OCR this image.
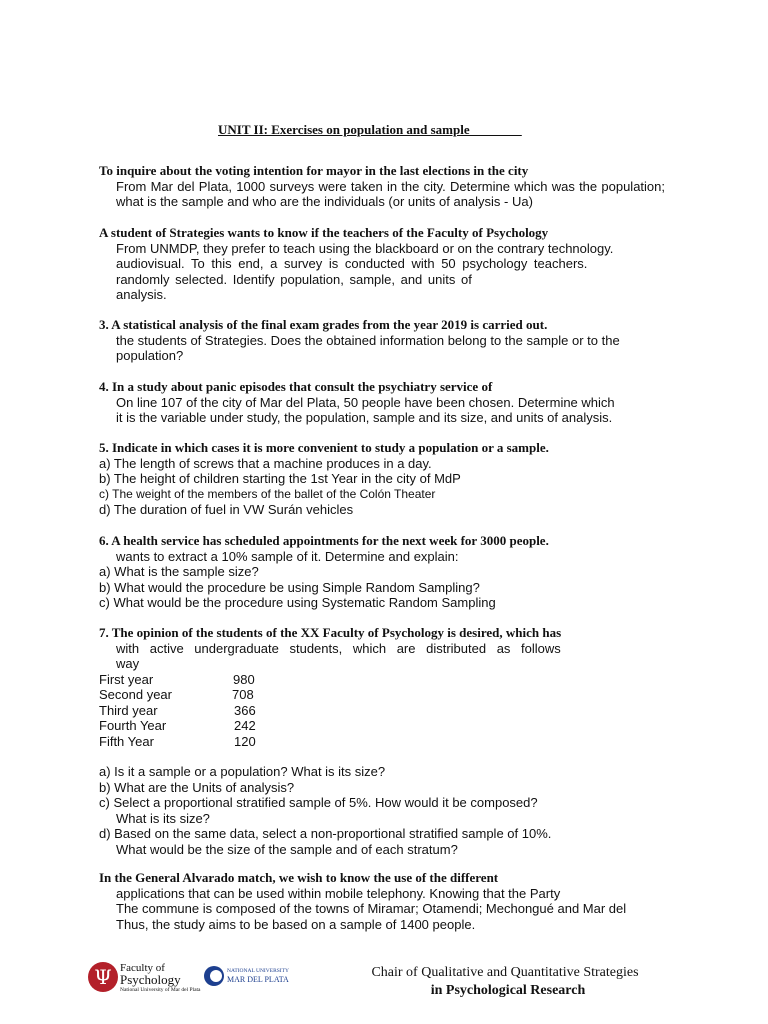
UNIT II: Exercises on population and sample________
To inquire about the voting intention for mayor in the last elections in the city
From Mar del Plata, 1000 surveys were taken in the city. Determine which was the population; what is the sample and who are the individuals (or units of analysis - Ua)
A student of Strategies wants to know if the teachers of the Faculty of Psychology
From UNMDP, they prefer to teach using the blackboard or on the contrary technology.
audiovisual. To this end, a survey is conducted with 50 psychology teachers.
randomly selected. Identify population, sample, and units of
analysis.
3. A statistical analysis of the final exam grades from the year 2019 is carried out.
the students of Strategies. Does the obtained information belong to the sample or to the population?
4. In a study about panic episodes that consult the psychiatry service of
On line 107 of the city of Mar del Plata, 50 people have been chosen. Determine which
it is the variable under study, the population, sample and its size, and units of analysis.
5. Indicate in which cases it is more convenient to study a population or a sample.
a) The length of screws that a machine produces in a day.
b) The height of children starting the 1st Year in the city of MdP
c) The weight of the members of the ballet of the Colón Theater
d) The duration of fuel in VW Surán vehicles
6. A health service has scheduled appointments for the next week for 3000 people.
wants to extract a 10% sample of it. Determine and explain:
a) What is the sample size?
b) What would the procedure be using Simple Random Sampling?
c) What would be the procedure using Systematic Random Sampling
7. The opinion of the students of the XX Faculty of Psychology is desired, which has
with active undergraduate students, which are distributed as follows
way
First year	980
Second year	708
Third year	366
Fourth Year	242
Fifth Year	120
a) Is it a sample or a population? What is its size?
b) What are the Units of analysis?
c) Select a proportional stratified sample of 5%. How would it be composed?
What is its size?
d) Based on the same data, select a non-proportional stratified sample of 10%.
What would be the size of the sample and of each stratum?
In the General Alvarado match, we wish to know the use of the different
applications that can be used within mobile telephony. Knowing that the Party
The commune is composed of the towns of Miramar; Otamendi; Mechongué and Mar del
Thus, the study aims to be based on a sample of 1400 people.
Ψ Faculty of
Psychology
National University of Mar del Plata
NATIONAL UNIVERSITY
MAR DEL PLATA	Chair of Qualitative and Quantitative Strategies
in Psychological Research
